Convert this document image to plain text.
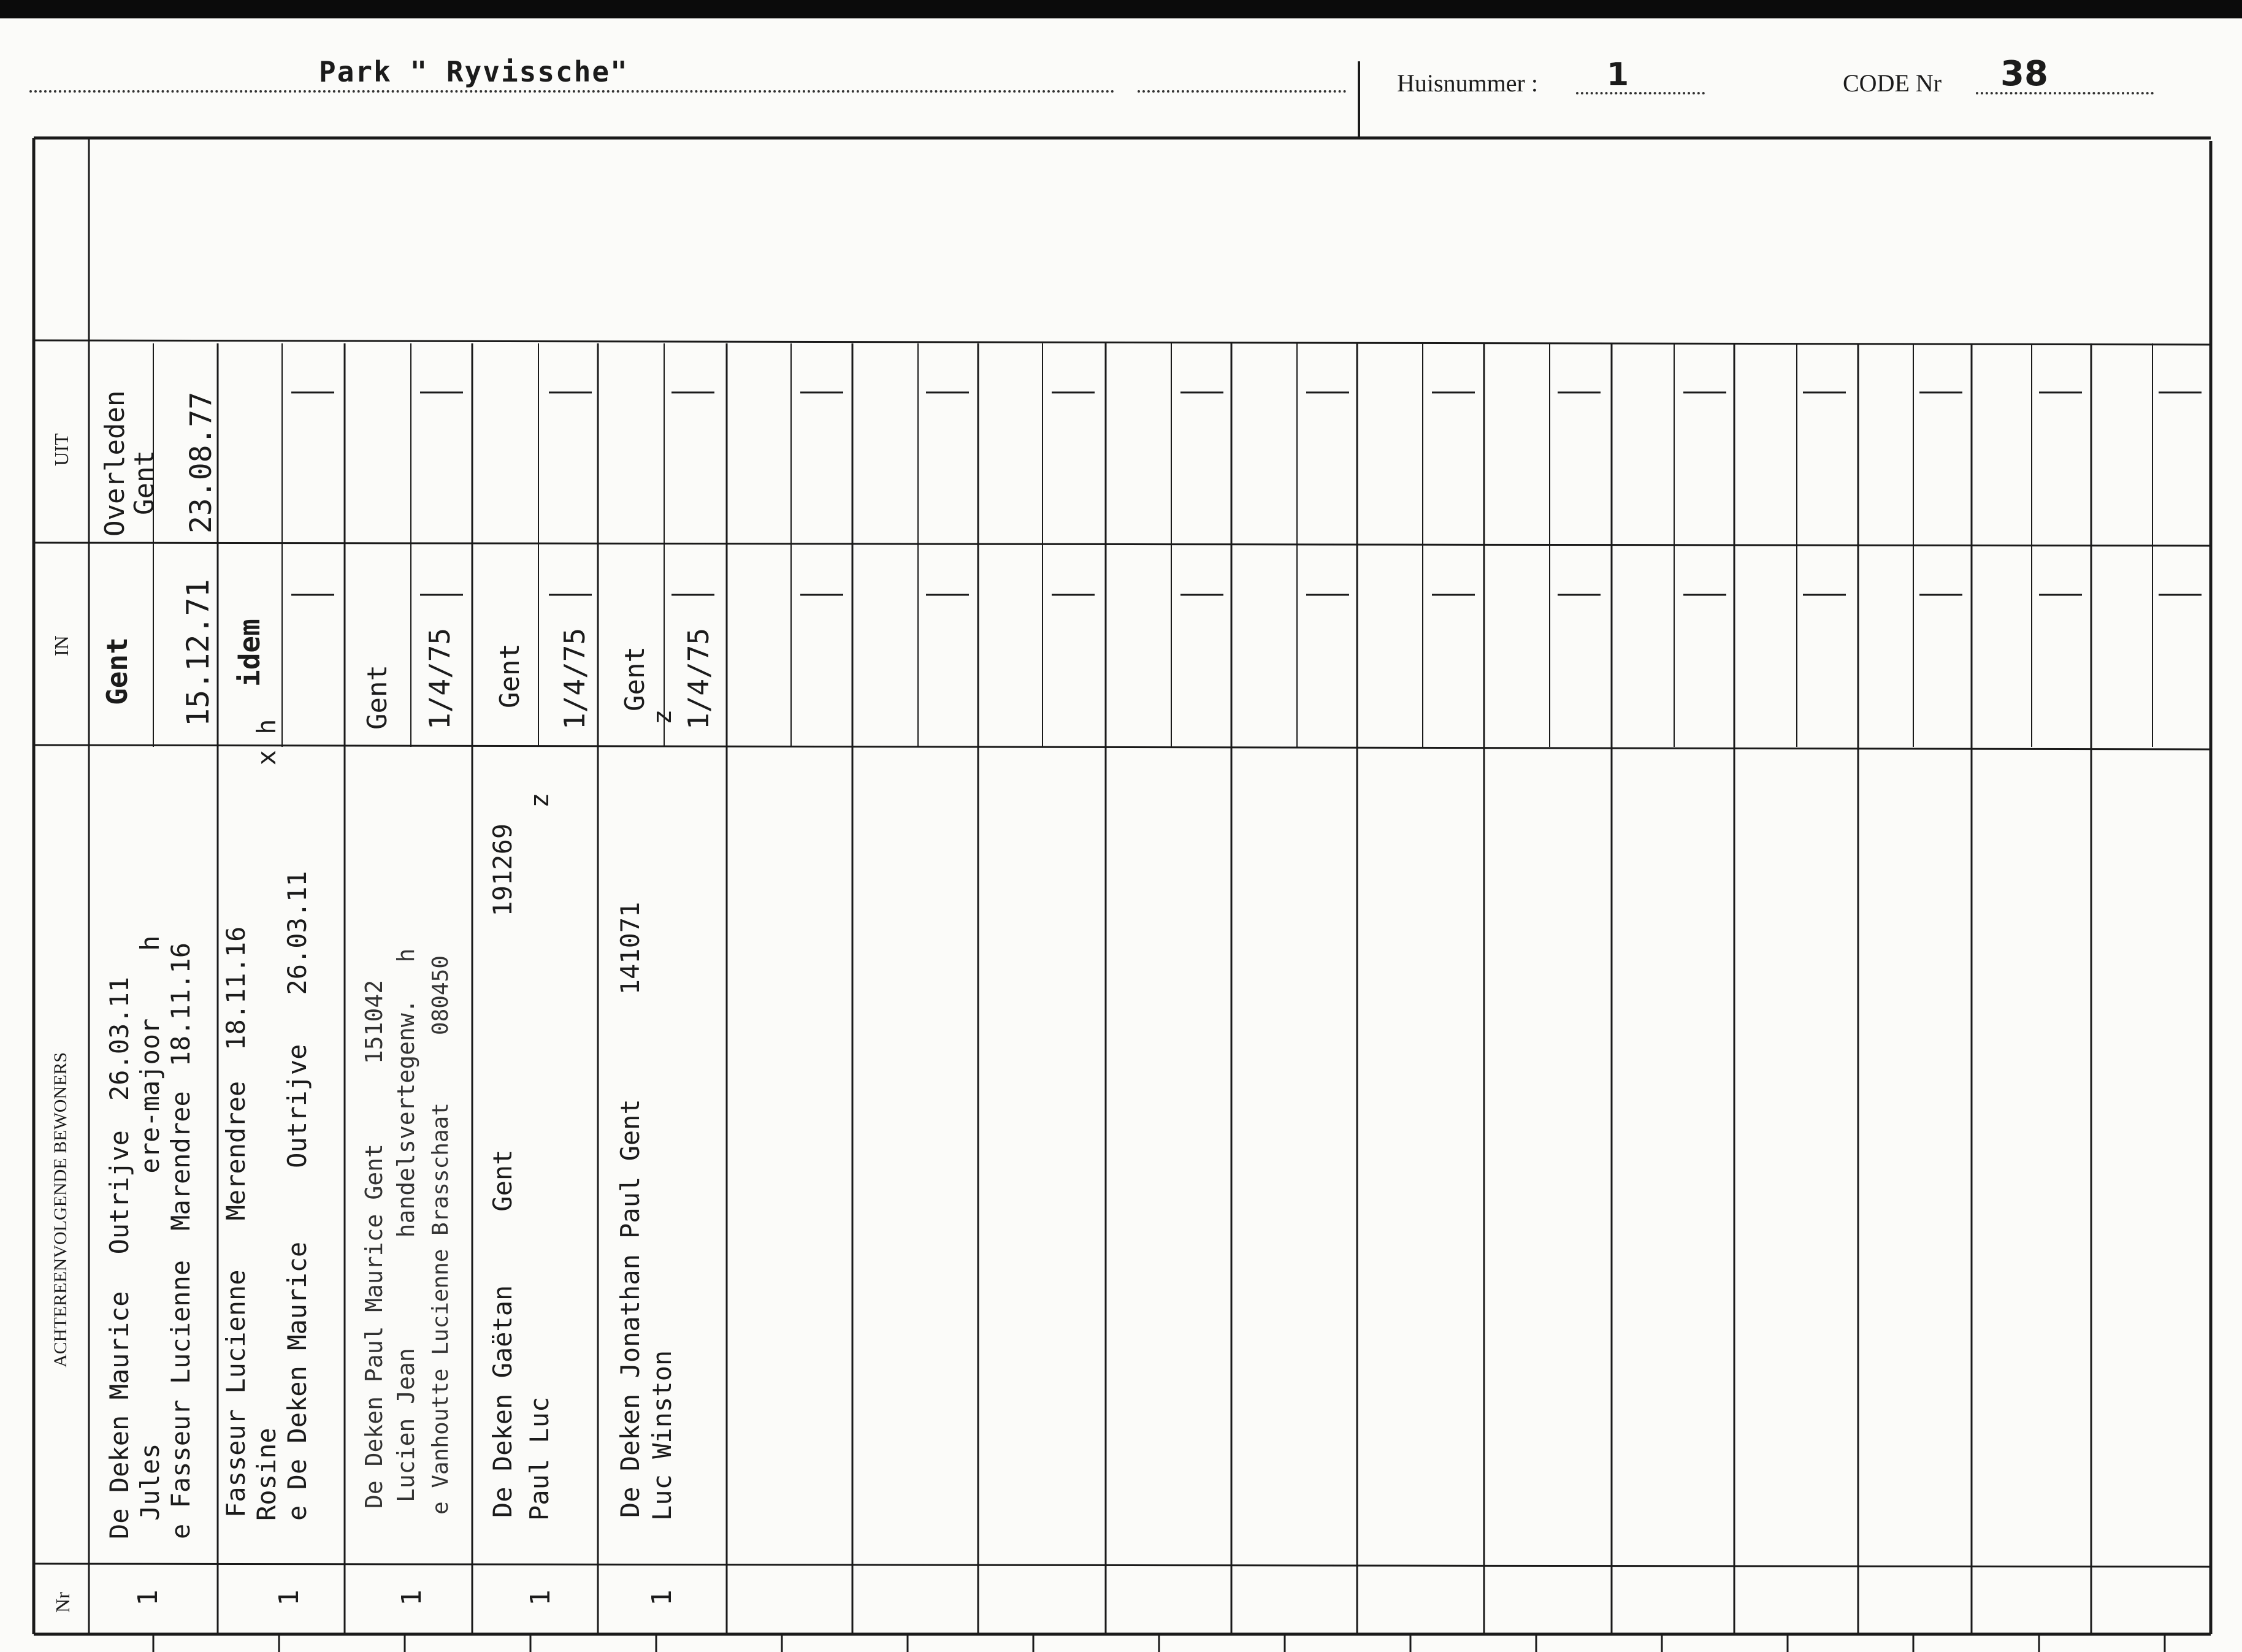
Park " Ryvissche"	Huisnummer : 1	CODE Nr 38
UIT
IN
ACHTEREENVOLGENDE BEWONERS
Nr
Overleden
Gent 23.08.77
Gent 15.12.71
De Deken MauriceOutrijve26.03.11
Julesere-majoorh
e Fasseur LucienneMarendree18.11.16
1
idem
Fasseur LucienneMerendree18.11.16
Rosinex h
e De Deken MauriceOutrijve26.03.11
1
Gent 1/4/75
De Deken Paul Maurice Gent151042
Lucien Jeanhandelsvertegenw.h
e Vanhoutte Lucienne Brasschaat080450
1
Gent 1/4/75
De Deken GaëtanGent191269
Paul Lucz
1
Gent 1/4/75
De Deken Jonathan Paul Gent141071
Luc Winstonz
1
